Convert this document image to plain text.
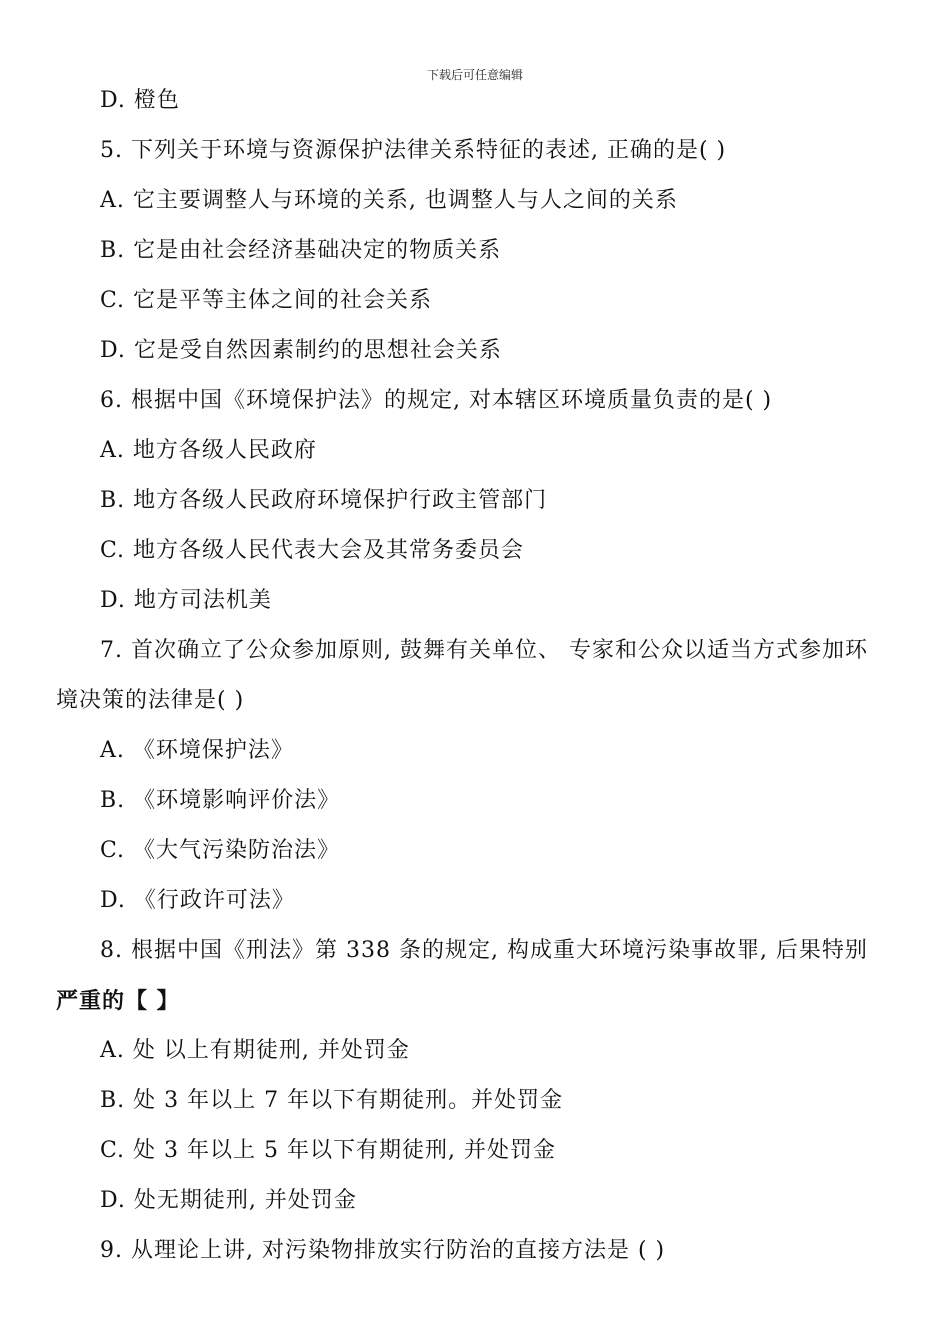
下载后可任意编辑
D. 橙色
5. 下列关于环境与资源保护法律关系特征的表述, 正确的是( )
A. 它主要调整人与环境的关系, 也调整人与人之间的关系
B. 它是由社会经济基础决定的物质关系
C. 它是平等主体之间的社会关系
D. 它是受自然因素制约的思想社会关系
6. 根据中国《环境保护法》的规定, 对本辖区环境质量负责的是( )
A. 地方各级人民政府
B. 地方各级人民政府环境保护行政主管部门
C. 地方各级人民代表大会及其常务委员会
D. 地方司法机美
7. 首次确立了公众参加原则, 鼓舞有关单位、 专家和公众以适当方式参加环
境决策的法律是( )
A. 《环境保护法》
B. 《环境影响评价法》
C. 《大气污染防治法》
D. 《行政许可法》
8. 根据中国《刑法》第 338 条的规定, 构成重大环境污染事故罪, 后果特别
严重的【 】
A. 处 以上有期徒刑, 并处罚金
B. 处 3 年以上 7 年以下有期徒刑。并处罚金
C. 处 3 年以上 5 年以下有期徒刑, 并处罚金
D. 处无期徒刑, 并处罚金
9. 从理论上讲, 对污染物排放实行防治的直接方法是 ( )
